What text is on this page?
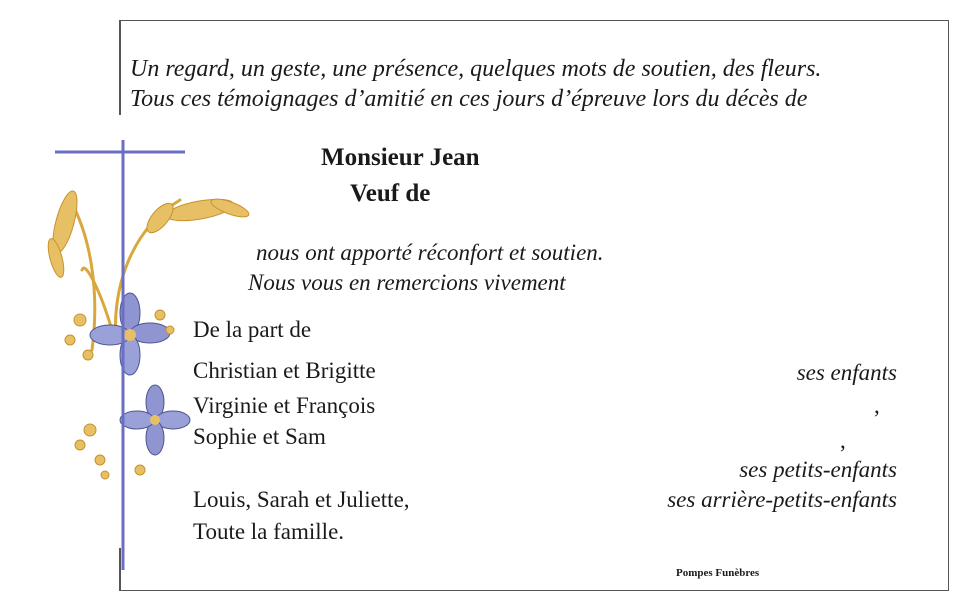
Un regard, un geste, une présence, quelques mots de soutien, des fleurs.
Tous ces témoignages d’amitié en ces jours d’épreuve lors du décès de
Monsieur Jean
Veuf de
nous ont apporté réconfort et soutien.
Nous vous en remercions vivement
De la part de
Christian et Brigitte
Virginie et François
Sophie et Sam
ses enfants
,
,
ses petits-enfants
Louis, Sarah et Juliette,	ses arrière-petits-enfants
Toute la famille.
Pompes Funèbres
